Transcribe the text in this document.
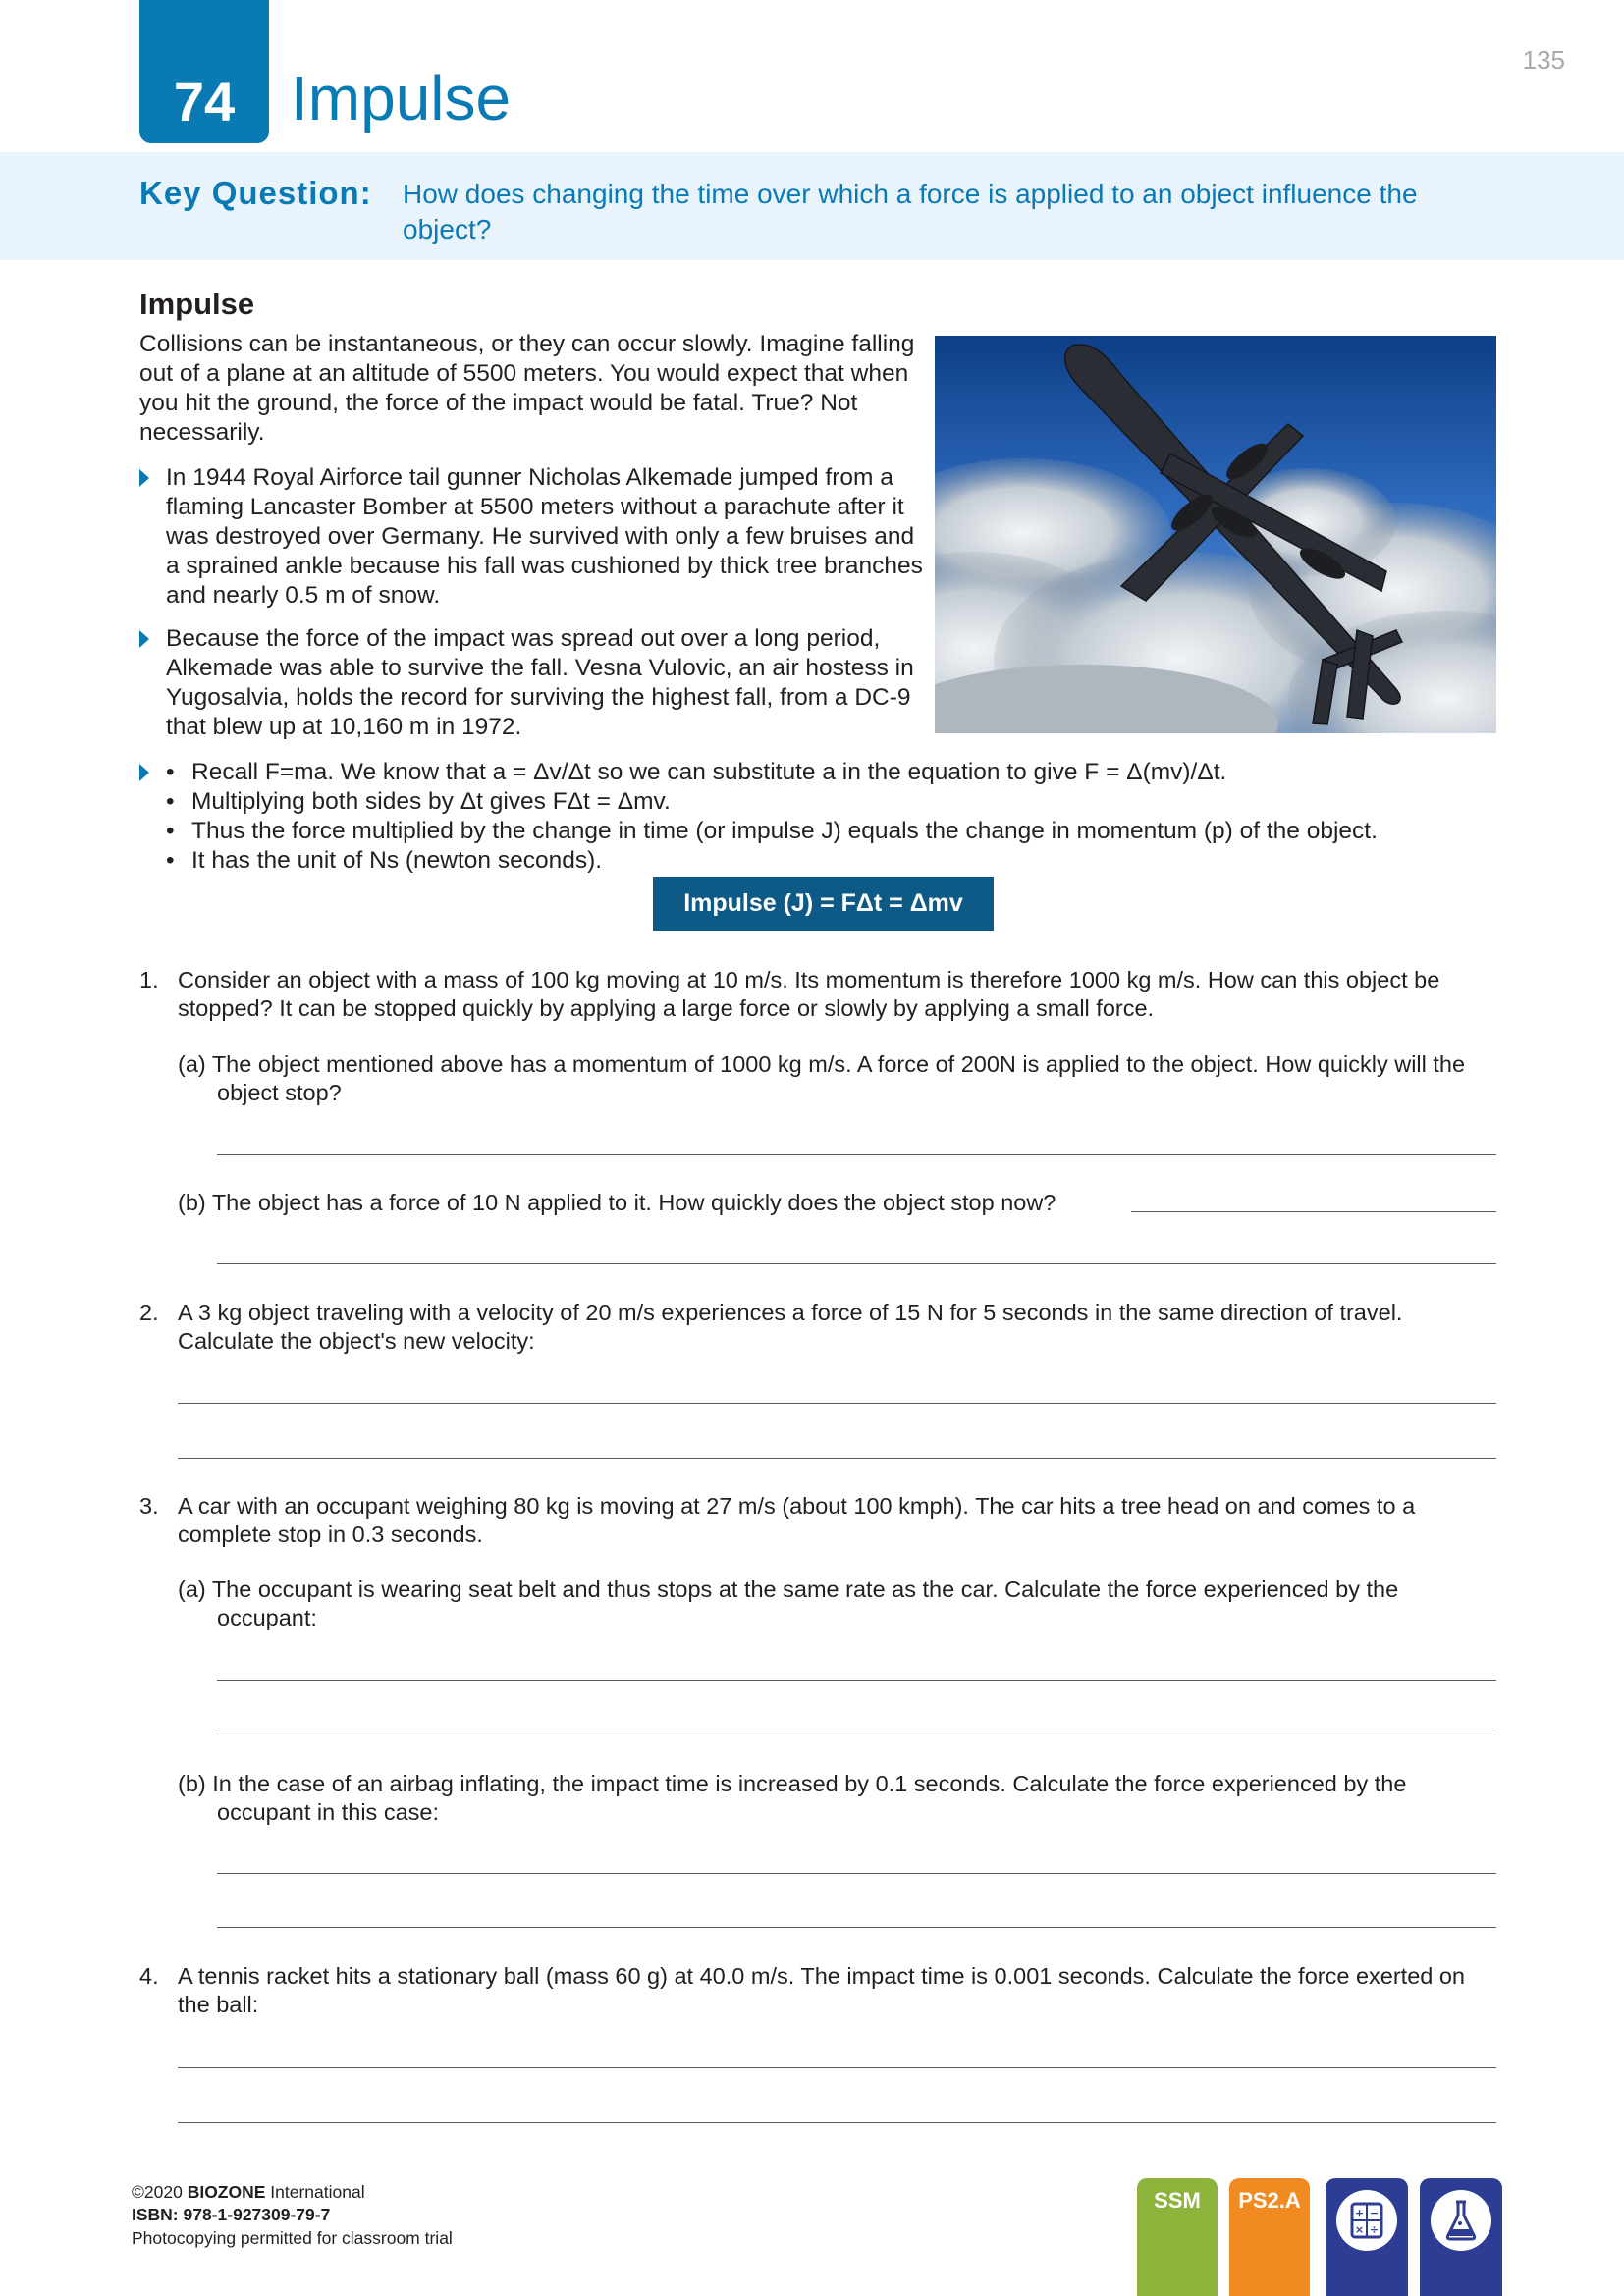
135
74 Impulse
Key Question: How does changing the time over which a force is applied to an object influence the object?
Impulse
Collisions can be instantaneous, or they can occur slowly. Imagine falling out of a plane at an altitude of 5500 meters. You would expect that when you hit the ground, the force of the impact would be fatal. True? Not necessarily.
In 1944 Royal Airforce tail gunner Nicholas Alkemade jumped from a flaming Lancaster Bomber at 5500 meters without a parachute after it was destroyed over Germany. He survived with only a few bruises and a sprained ankle because his fall was cushioned by thick tree branches and nearly 0.5 m of snow.
Because the force of the impact was spread out over a long period, Alkemade was able to survive the fall. Vesna Vulovic, an air hostess in Yugosalvia, holds the record for surviving the highest fall, from a DC-9 that blew up at 10,160 m in 1972.
• Recall F=ma. We know that a = Δv/Δt so we can substitute a in the equation to give F = Δ(mv)/Δt.
• Multiplying both sides by Δt gives FΔt = Δmv.
• Thus the force multiplied by the change in time (or impulse J) equals the change in momentum (p) of the object.
• It has the unit of Ns (newton seconds).
Impulse (J) = FΔt = Δmv
1. Consider an object with a mass of 100 kg moving at 10 m/s. Its momentum is therefore 1000 kg m/s. How can this object be stopped? It can be stopped quickly by applying a large force or slowly by applying a small force.
(a) The object mentioned above has a momentum of 1000 kg m/s. A force of 200N is applied to the object. How quickly will the object stop?
(b) The object has a force of 10 N applied to it. How quickly does the object stop now?
2. A 3 kg object traveling with a velocity of 20 m/s experiences a force of 15 N for 5 seconds in the same direction of travel. Calculate the object's new velocity:
3. A car with an occupant weighing 80 kg is moving at 27 m/s (about 100 kmph). The car hits a tree head on and comes to a complete stop in 0.3 seconds.
(a) The occupant is wearing seat belt and thus stops at the same rate as the car. Calculate the force experienced by the occupant:
(b) In the case of an airbag inflating, the impact time is increased by 0.1 seconds. Calculate the force experienced by the occupant in this case:
4. A tennis racket hits a stationary ball (mass 60 g) at 40.0 m/s. The impact time is 0.001 seconds. Calculate the force exerted on the ball:
©2020 BIOZONE International
ISBN: 978-1-927309-79-7
Photocopying permitted for classroom trial
SSM	PS2.A
+ −
× ÷
